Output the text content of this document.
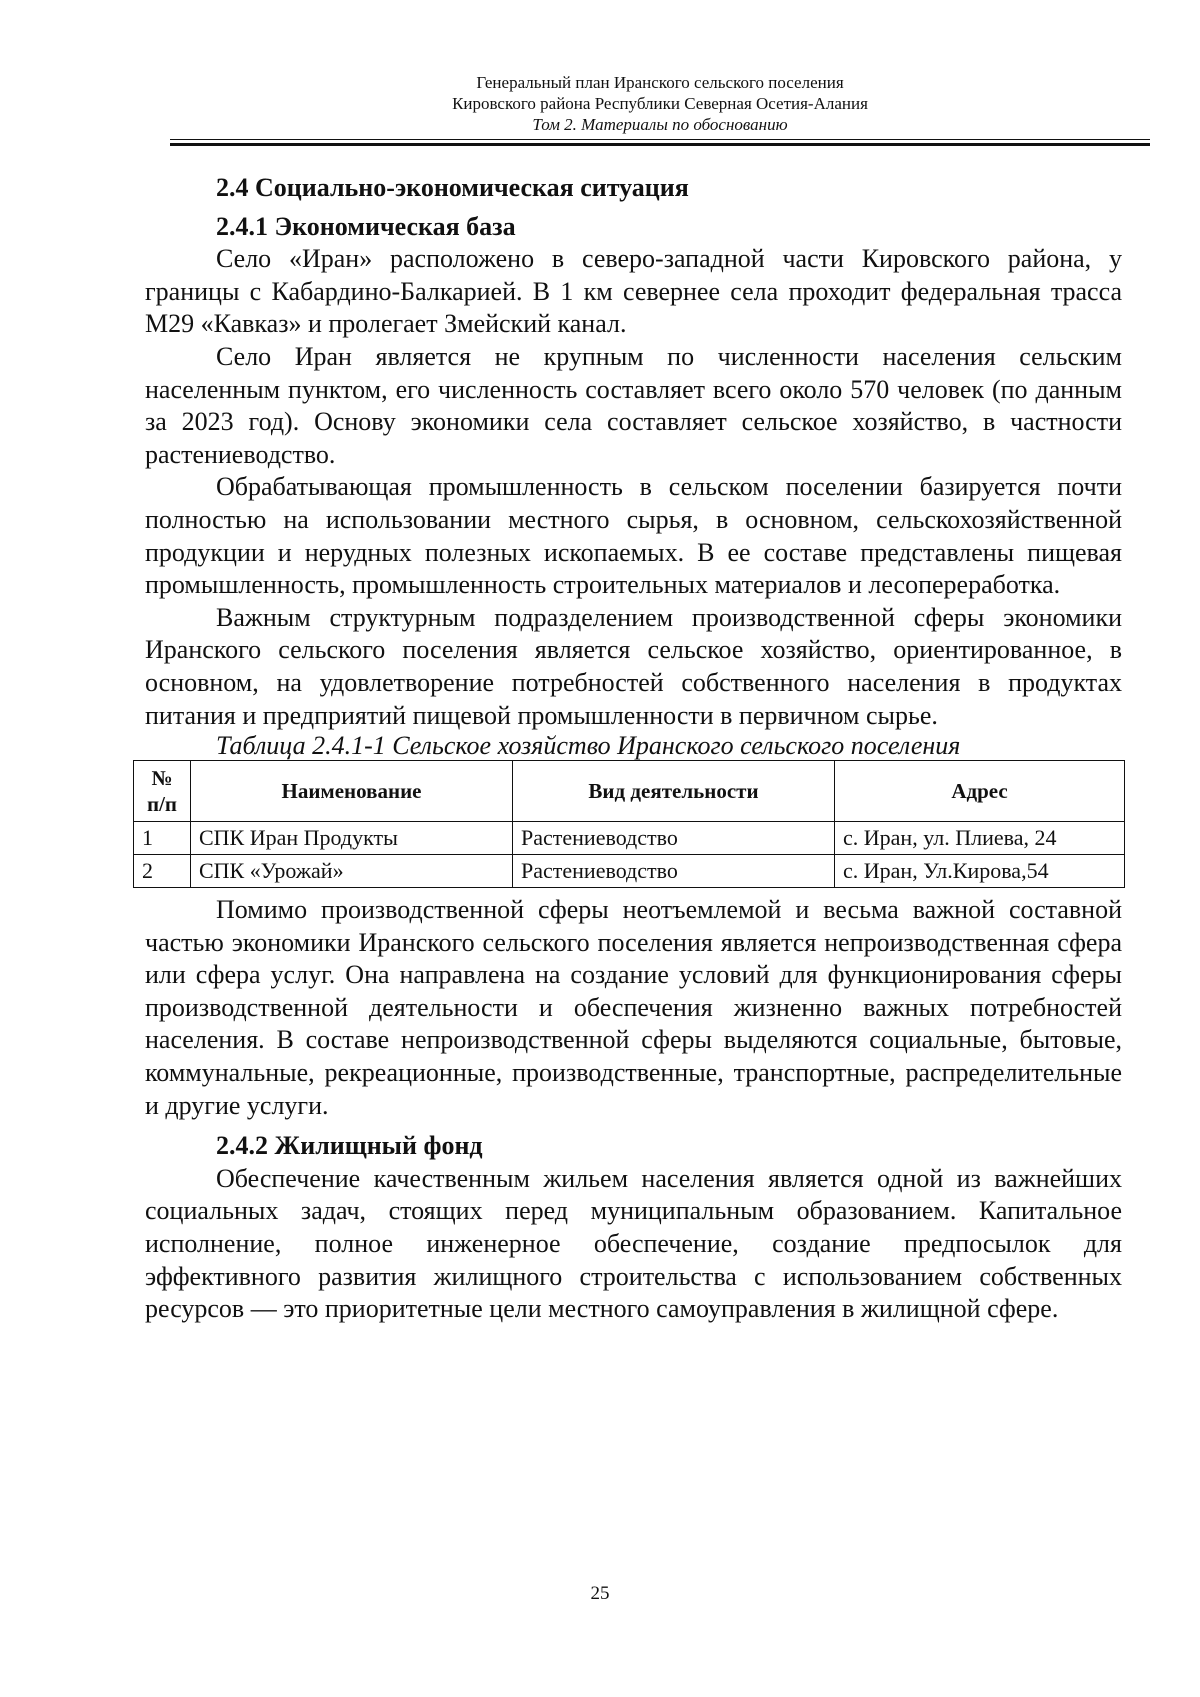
Генеральный план Иранского сельского поселения
Кировского района Республики Северная Осетия-Алания
Том 2. Материалы по обоснованию
2.4 Социально-экономическая ситуация
2.4.1 Экономическая база

Село «Иран» расположено в северо-западной части Кировского района, у границы с Кабардино-Балкарией. В 1 км севернее села проходит федеральная трасса М29 «Кавказ» и пролегает Змейский канал.

Село Иран является не крупным по численности населения сельским населенным пунктом, его численность составляет всего около 570 человек (по данным за 2023 год). Основу экономики села составляет сельское хозяйство, в частности растениеводство.

Обрабатывающая промышленность в сельском поселении базируется почти полностью на использовании местного сырья, в основном, сельскохозяйственной продукции и нерудных полезных ископаемых. В ее составе представлены пищевая промышленность, промышленность строительных материалов и лесопереработка.

Важным структурным подразделением производственной сферы экономики Иранского сельского поселения является сельское хозяйство, ориентированное, в основном, на удовлетворение потребностей собственного населения в продуктах питания и предприятий пищевой промышленности в первичном сырье.

Таблица 2.4.1-1 Сельское хозяйство Иранского сельского поселения
№ п/п	Наименование	Вид деятельности	Адрес
1	СПК Иран Продукты	Растениеводство	с. Иран, ул. Плиева, 24
2	СПК «Урожай»	Растениеводство	с. Иран, Ул.Кирова,54

Помимо производственной сферы неотъемлемой и весьма важной составной частью экономики Иранского сельского поселения является непроизводственная сфера или сфера услуг. Она направлена на создание условий для функционирования сферы производственной деятельности и обеспечения жизненно важных потребностей населения. В составе непроизводственной сферы выделяются социальные, бытовые, коммунальные, рекреационные, производственные, транспортные, распределительные и другие услуги.

2.4.2 Жилищный фонд

Обеспечение качественным жильем населения является одной из важнейших социальных задач, стоящих перед муниципальным образованием. Капитальное исполнение, полное инженерное обеспечение, создание предпосылок для эффективного развития жилищного строительства с использованием собственных ресурсов — это приоритетные цели местного самоуправления в жилищной сфере.

25
